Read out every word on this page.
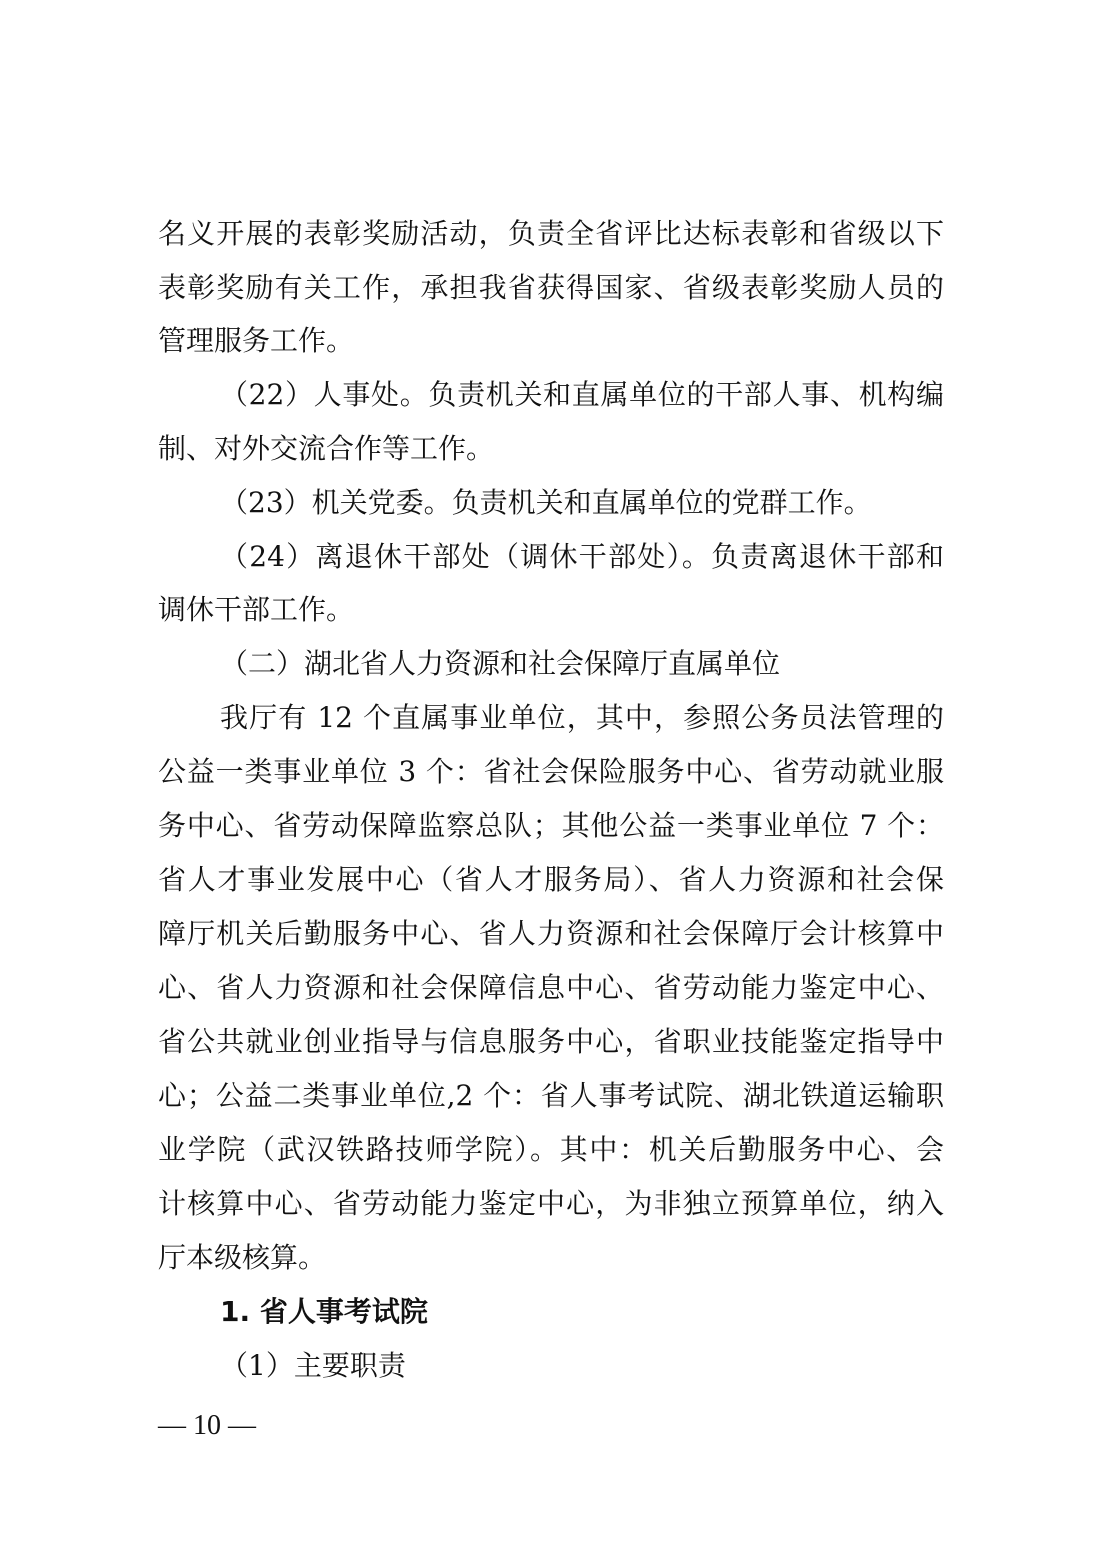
名义开展的表彰奖励活动，负责全省评比达标表彰和省级以下
表彰奖励有关工作，承担我省获得国家、省级表彰奖励人员的
管理服务工作。
（22）人事处。负责机关和直属单位的干部人事、机构编
制、对外交流合作等工作。
（23）机关党委。负责机关和直属单位的党群工作。
（24）离退休干部处（调休干部处）。负责离退休干部和
调休干部工作。
（二）湖北省人力资源和社会保障厅直属单位
我厅有 12 个直属事业单位，其中，参照公务员法管理的
公益一类事业单位 3 个：省社会保险服务中心、省劳动就业服
务中心、省劳动保障监察总队；其他公益一类事业单位 7 个：
省人才事业发展中心（省人才服务局）、省人力资源和社会保
障厅机关后勤服务中心、省人力资源和社会保障厅会计核算中
心、省人力资源和社会保障信息中心、省劳动能力鉴定中心、
省公共就业创业指导与信息服务中心，省职业技能鉴定指导中
心；公益二类事业单位,2 个：省人事考试院、湖北铁道运输职
业学院（武汉铁路技师学院）。其中：机关后勤服务中心、会
计核算中心、省劳动能力鉴定中心，为非独立预算单位，纳入
厅本级核算。
1. 省人事考试院
（1）主要职责
— 10 —
